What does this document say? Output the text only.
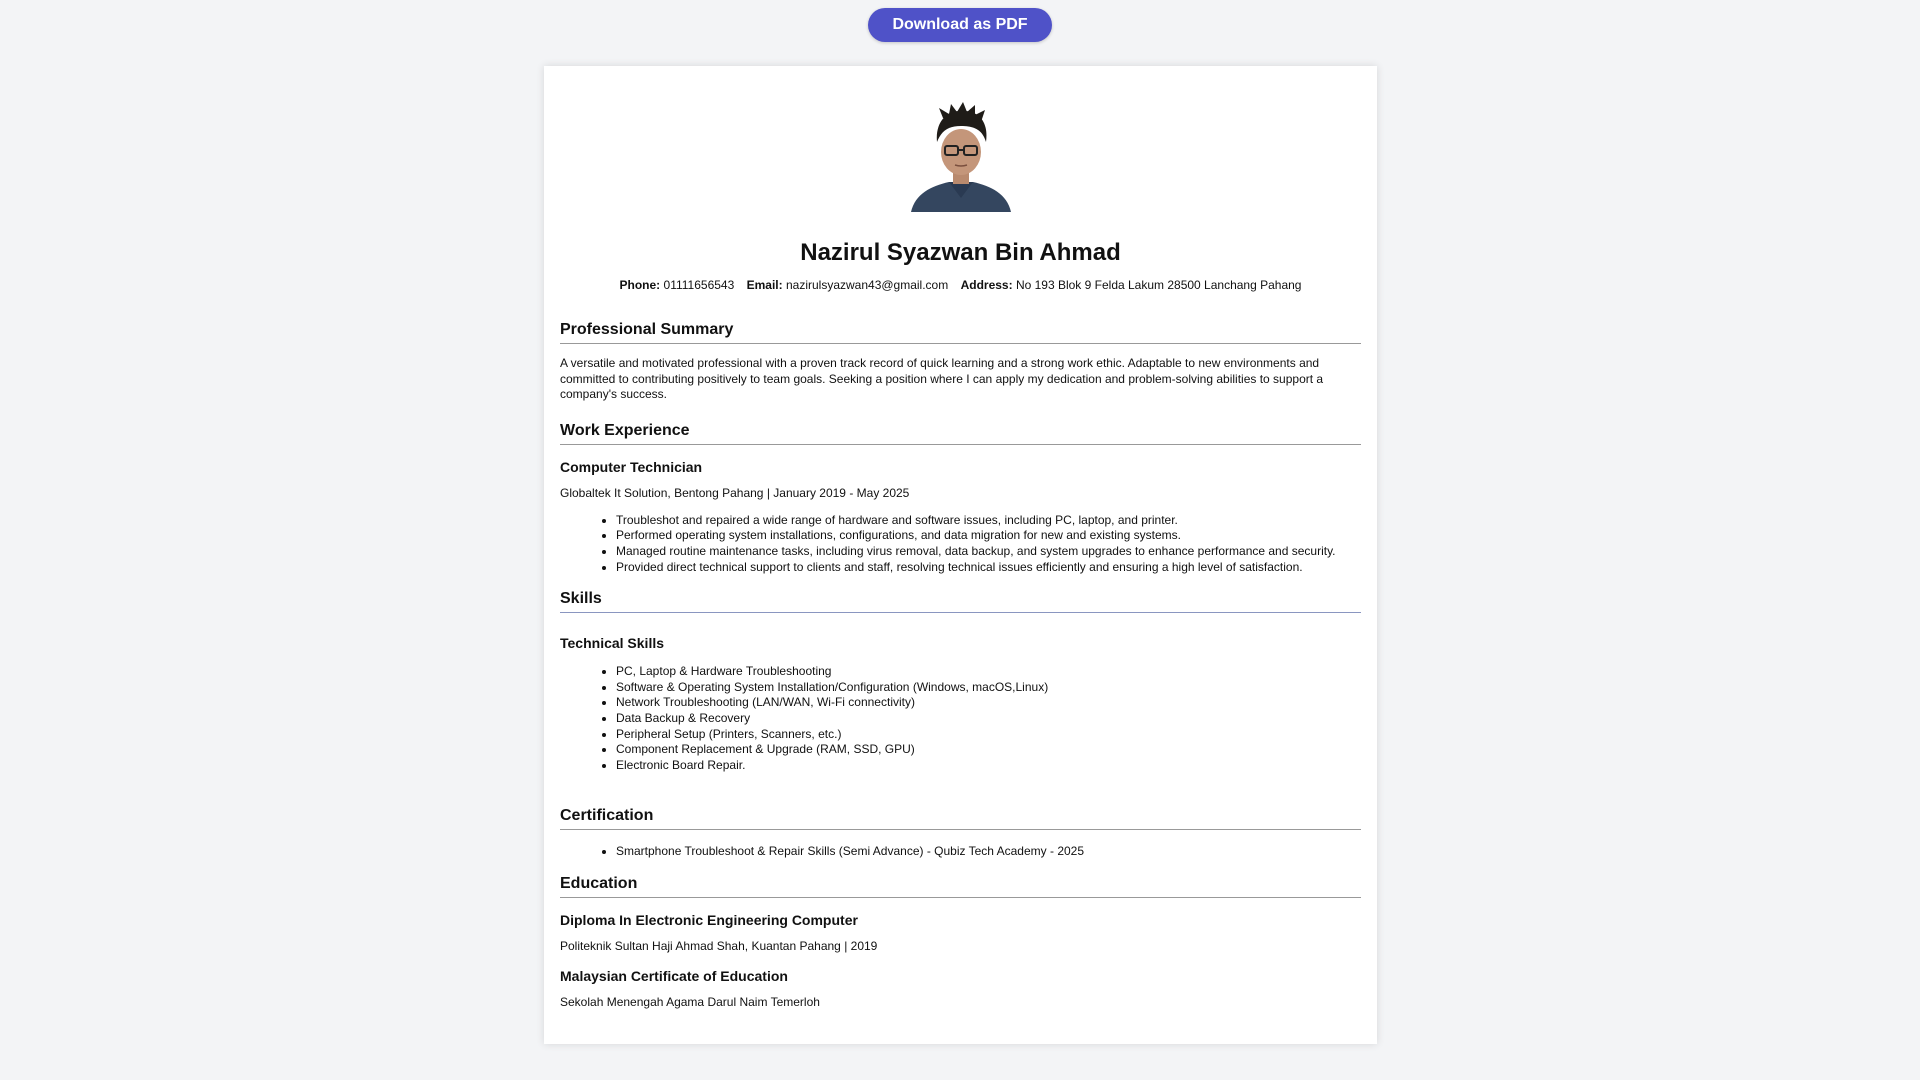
Download as PDF
Nazirul Syazwan Bin Ahmad
Phone: 01111656543 Email: nazirulsyazwan43@gmail.com Address: No 193 Blok 9 Felda Lakum 28500 Lanchang Pahang
Professional Summary

A versatile and motivated professional with a proven track record of quick learning and a strong work ethic. Adaptable to new environments and committed to contributing positively to team goals. Seeking a position where I can apply my dedication and problem-solving abilities to support a company's success.

Work Experience
Computer Technician

Globaltek It Solution, Bentong Pahang | January 2019 - May 2025

• Troubleshot and repaired a wide range of hardware and software issues, including PC, laptop, and printer.
• Performed operating system installations, configurations, and data migration for new and existing systems.
• Managed routine maintenance tasks, including virus removal, data backup, and system upgrades to enhance performance and security.
• Provided direct technical support to clients and staff, resolving technical issues efficiently and ensuring a high level of satisfaction.
Skills
Technical Skills
• PC, Laptop & Hardware Troubleshooting
• Software & Operating System Installation/Configuration (Windows, macOS,Linux)
• Network Troubleshooting (LAN/WAN, Wi-Fi connectivity)
• Data Backup & Recovery
• Peripheral Setup (Printers, Scanners, etc.)
• Component Replacement & Upgrade (RAM, SSD, GPU)
• Electronic Board Repair.
Certification
• Smartphone Troubleshoot & Repair Skills (Semi Advance) - Qubiz Tech Academy - 2025
Education
Diploma In Electronic Engineering Computer

Politeknik Sultan Haji Ahmad Shah, Kuantan Pahang | 2019

Malaysian Certificate of Education

Sekolah Menengah Agama Darul Naim Temerloh
